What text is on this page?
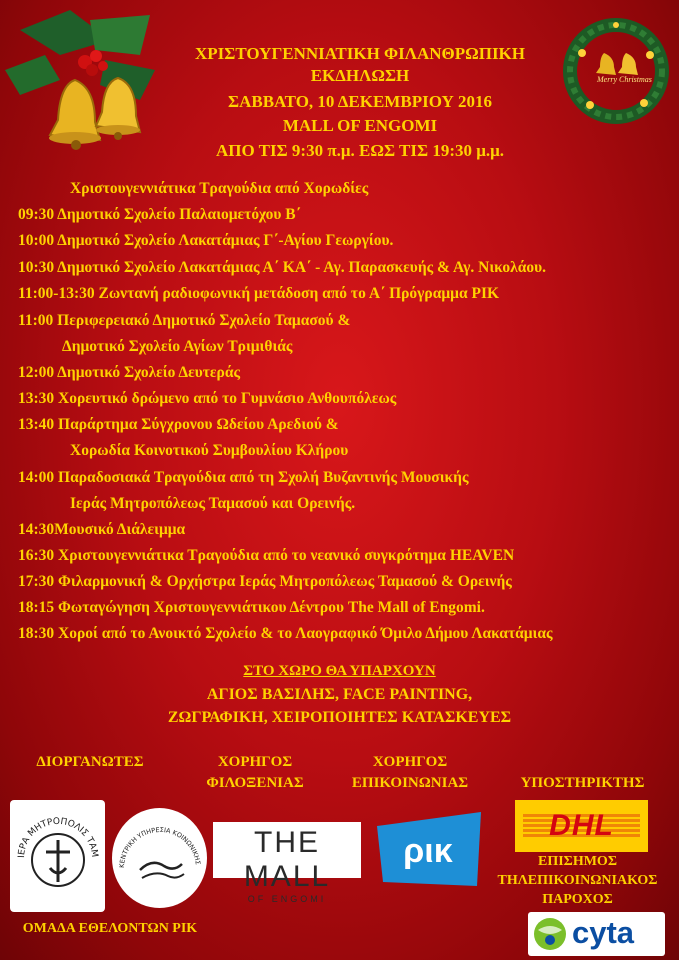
Merry Christmas
ΧΡΙΣΤΟΥΓΕΝΝΙΑΤΙΚΗ ΦΙΛΑΝΘΡΩΠΙΚΗ
ΕΚΔΗΛΩΣΗ
ΣΑΒΒΑΤΟ, 10 ΔΕΚΕΜΒΡΙΟΥ 2016
MALL OF ENGOMI
ΑΠΟ ΤΙΣ 9:30 π.μ. ΕΩΣ ΤΙΣ 19:30 μ.μ.
Χριστουγεννιάτικα Τραγούδια από Χορωδίες
09:30 Δημοτικό Σχολείο Παλαιομετόχου Β΄
10:00 Δημοτικό Σχολείο Λακατάμιας Γ΄-Αγίου Γεωργίου.
10:30 Δημοτικό Σχολείο Λακατάμιας Α΄ ΚΑ΄ - Αγ. Παρασκευής & Αγ. Νικολάου.
11:00-13:30 Ζωντανή ραδιοφωνική μετάδοση από το Α΄ Πρόγραμμα ΡΙΚ
11:00 Περιφερειακό Δημοτικό Σχολείο Ταμασού &
Δημοτικό Σχολείο Αγίων Τριμιθιάς
12:00 Δημοτικό Σχολείο Δευτεράς
13:30 Χορευτικό δρώμενο από το Γυμνάσιο Ανθουπόλεως
13:40 Παράρτημα Σύγχρονου Ωδείου Αρεδιού &
Χορωδία Κοινοτικού Συμβουλίου Κλήρου
14:00 Παραδοσιακά Τραγούδια από τη Σχολή Βυζαντινής Μουσικής
Ιεράς Μητροπόλεως Ταμασού και Ορεινής.
14:30Μουσικό Διάλειμμα
16:30 Χριστουγεννιάτικα Τραγούδια από το νεανικό συγκρότημα HEAVEN
17:30 Φιλαρμονική & Ορχήστρα Ιεράς Μητροπόλεως Ταμασού & Ορεινής
18:15 Φωταγώγηση Χριστουγεννιάτικου Δέντρου The Mall of Engomi.
18:30 Χοροί από το Ανοικτό Σχολείο & το Λαογραφικό Όμιλο Δήμου Λακατάμιας
ΣΤΟ ΧΩΡΟ ΘΑ ΥΠΑΡΧΟΥΝ
ΑΓΙΟΣ ΒΑΣΙΛΗΣ, FACE PAINTING,
ΖΩΓΡΑΦΙΚΗ, ΧΕΙΡΟΠΟΙΗΤΕΣ ΚΑΤΑΣΚΕΥΕΣ
ΔΙΟΡΓΑΝΩΤΕΣ	ΧΟΡΗΓΟΣ
ΦΙΛΟΞΕΝΙΑΣ
ΧΟΡΗΓΟΣ
ΕΠΙΚΟΙΝΩΝΙΑΣ	ΥΠΟΣΤΗΡΙΚΤΗΣ
ΙΕΡΑ ΜΗΤΡΟΠΟΛΙΣ ΤΑΜ
ΚΕΝΤΡΙΚΗ ΥΠΗΡΕΣΙΑ ΚΟΙΝΩΝΙΚΗΣ
THE MALL
OF ENGOMI
ρικ
DHL
ΕΠΙΣΗΜΟΣ
ΤΗΛΕΠΙΚΟΙΝΩΝΙΑΚΟΣ
ΠΑΡΟΧΟΣ
ΟΜΑΔΑ ΕΘΕΛΟΝΤΩΝ ΡΙΚ	cyta
